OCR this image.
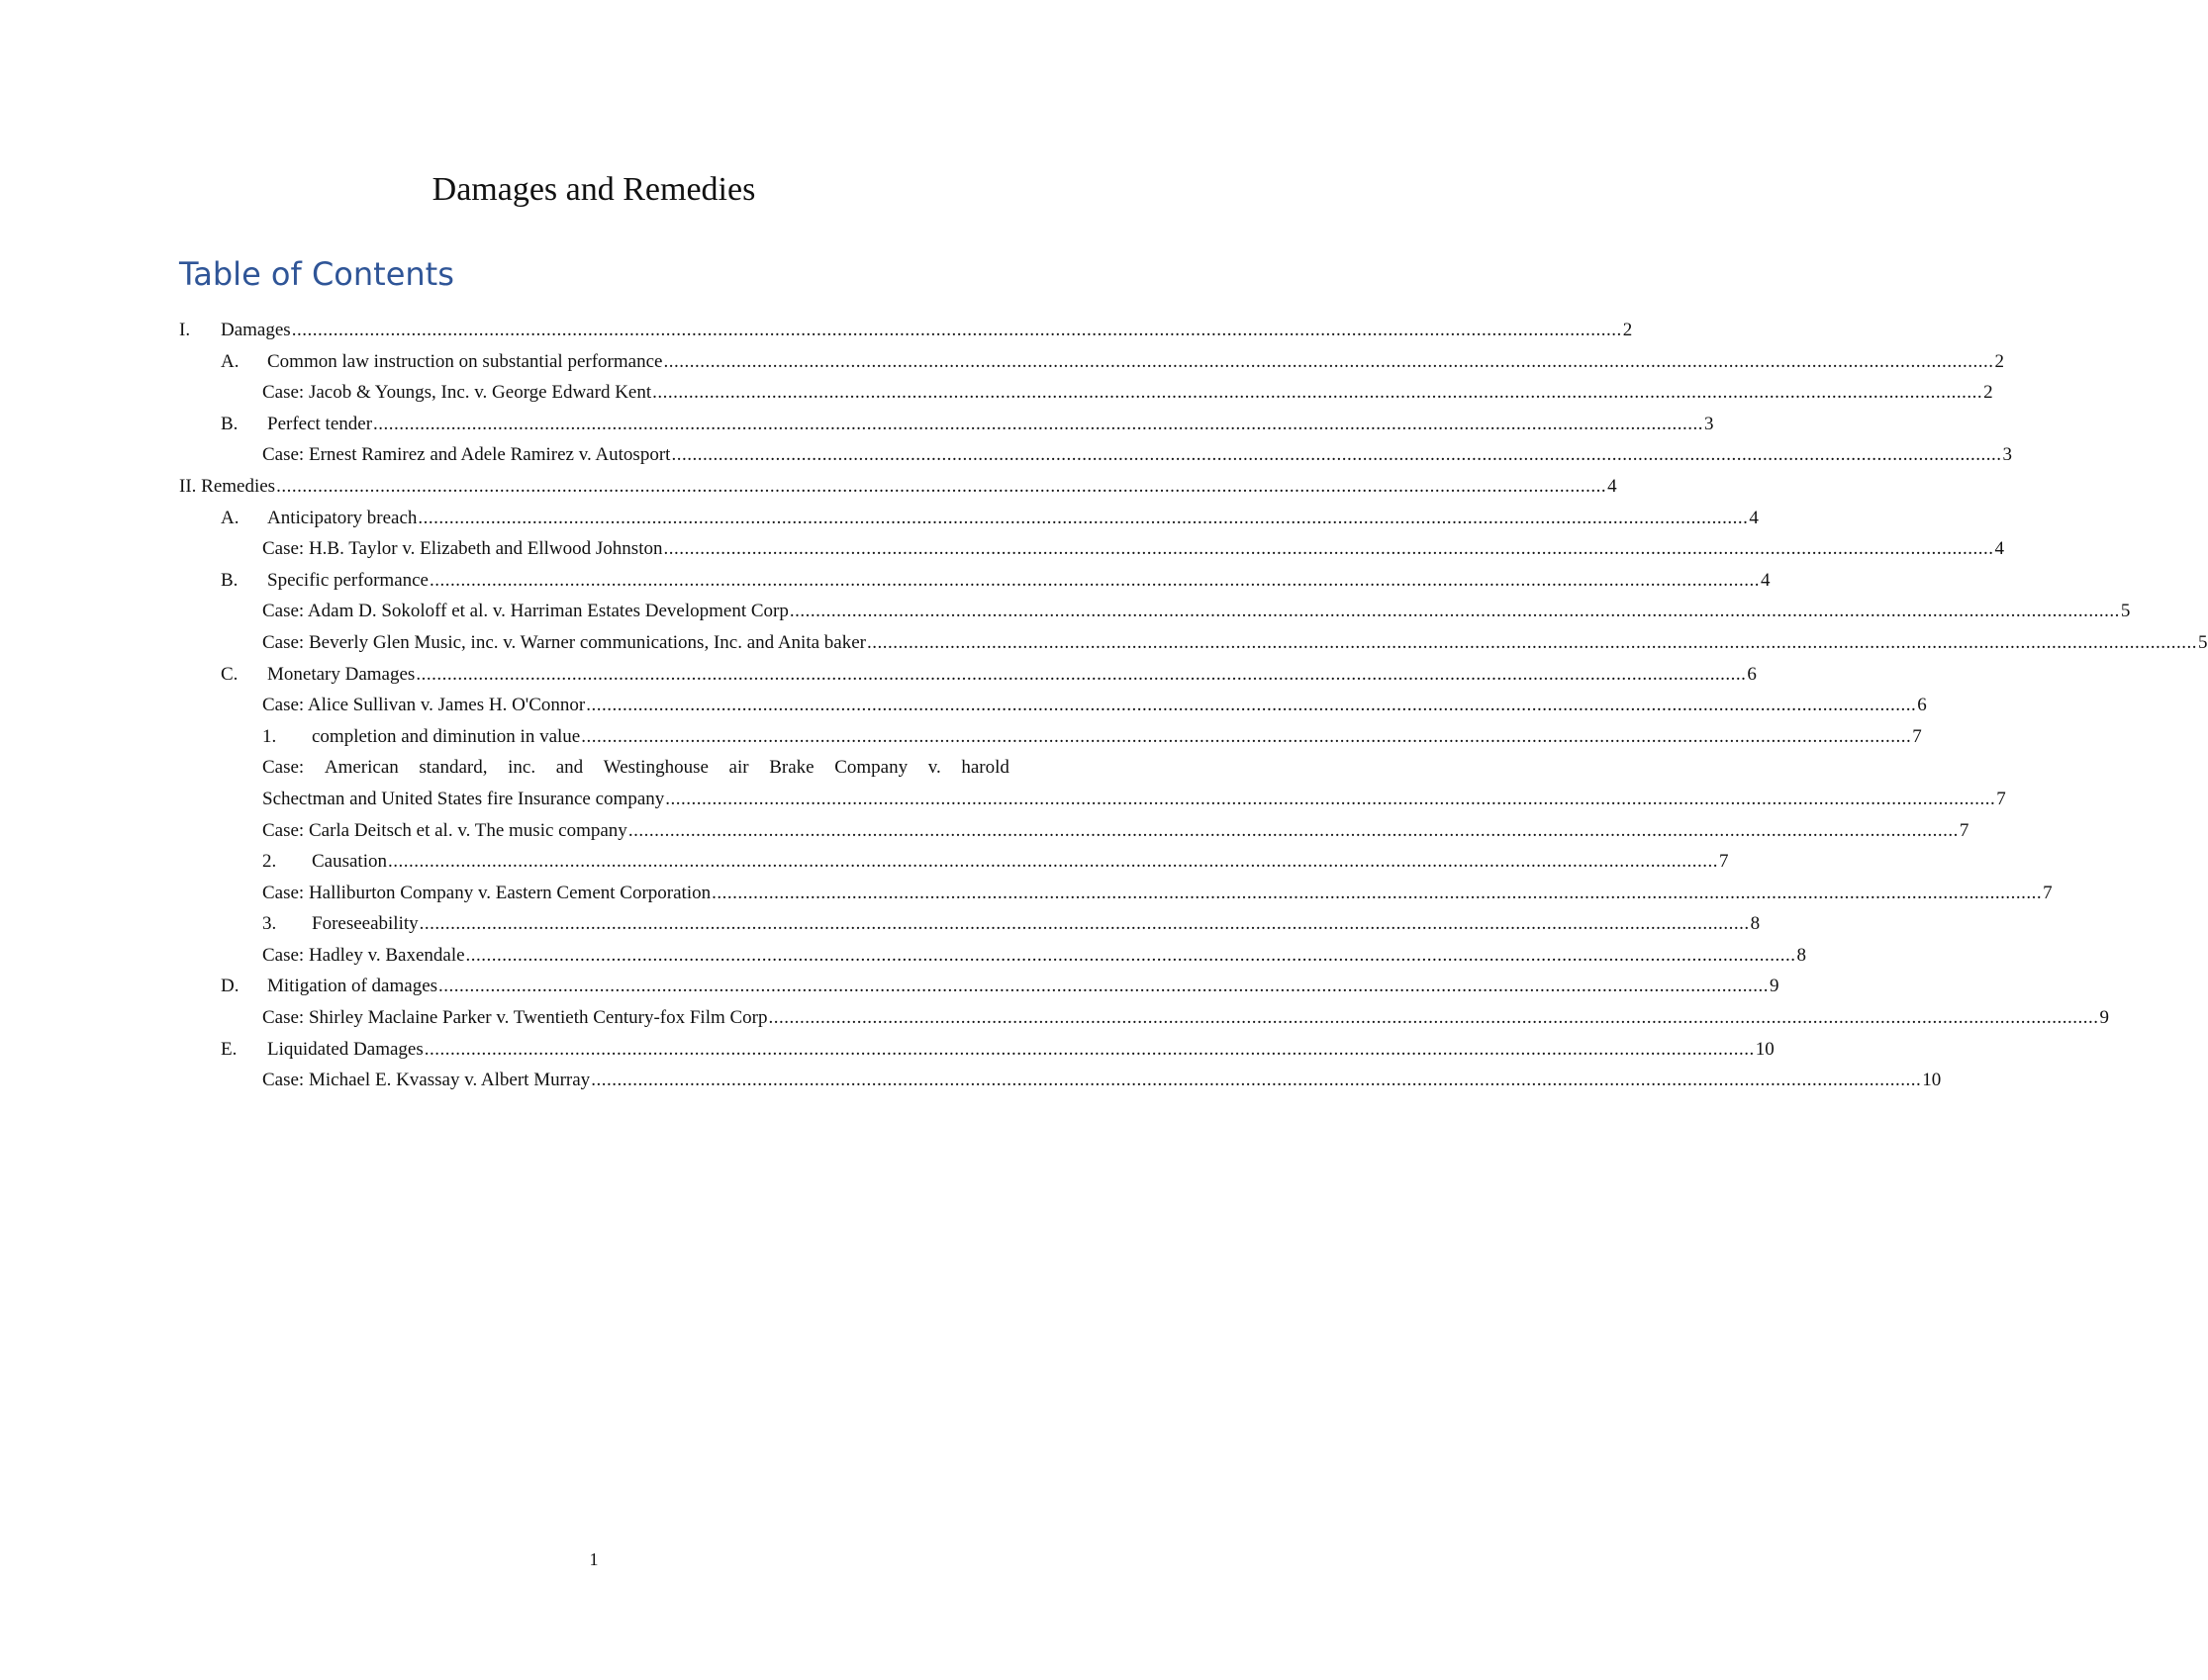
Damages and Remedies
Table of Contents
I.	Damages .....	2
A.	Common law instruction on substantial performance .....	2
Case: Jacob & Youngs, Inc. v. George Edward Kent .....	2
B.	Perfect tender .....	3
Case: Ernest Ramirez and Adele Ramirez v. Autosport .....	3
II. Remedies .....	4
A.	Anticipatory breach .....	4
Case: H.B. Taylor v. Elizabeth and Ellwood Johnston .....	4
B.	Specific performance .....	4
Case: Adam D. Sokoloff et al. v. Harriman Estates Development Corp .....	5
Case: Beverly Glen Music, inc. v. Warner communications, Inc. and Anita baker .....	5
C.	Monetary Damages .....	6
Case: Alice Sullivan v. James H. O'Connor .....	6
1.	completion and diminution in value .....	7
Case: American standard, inc. and Westinghouse air Brake Company v. harold
Schectman and United States fire Insurance company .....	7
Case: Carla Deitsch et al. v. The music company .....	7
2.	Causation .....	7
Case: Halliburton Company v. Eastern Cement Corporation .....	7
3.	Foreseeability .....	8
Case: Hadley v. Baxendale .....	8
D.	Mitigation of damages .....	9
Case: Shirley Maclaine Parker v. Twentieth Century-fox Film Corp .....	9
E.	Liquidated Damages .....	10
Case: Michael E. Kvassay v. Albert Murray .....	10
1
